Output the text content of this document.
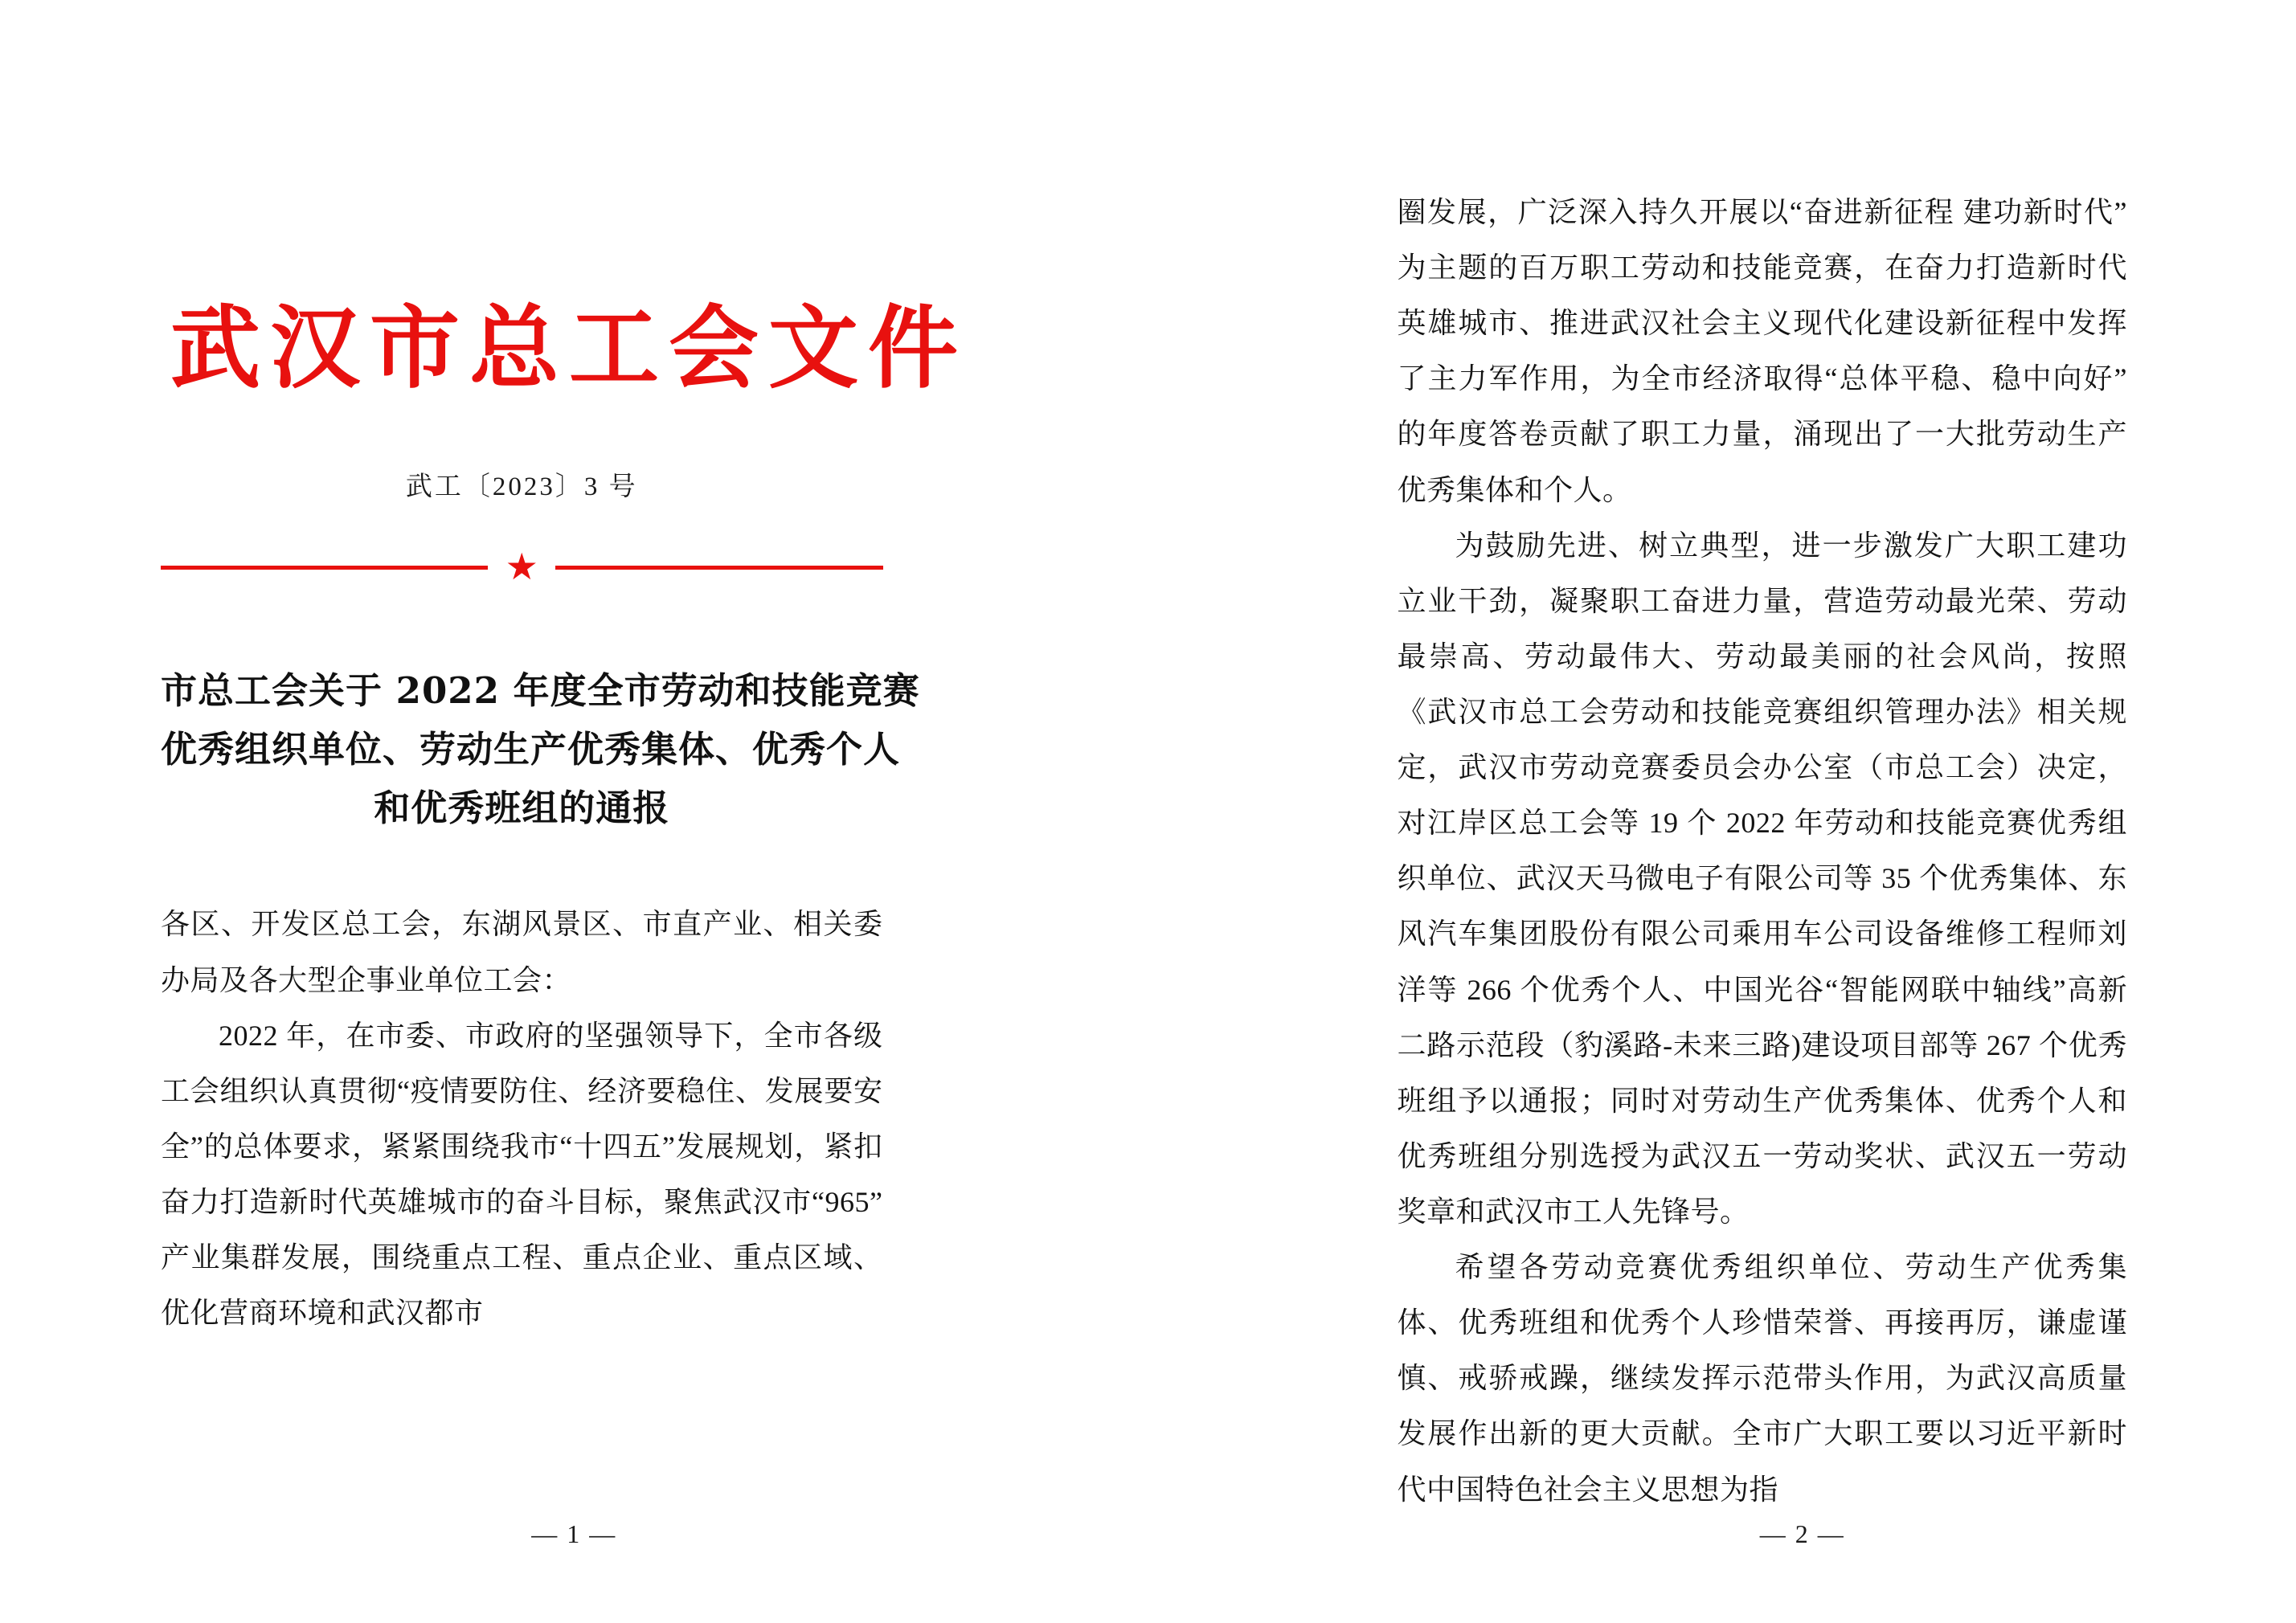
武汉市总工会文件
武工〔2023〕3 号
★
市总工会关于 2022 年度全市劳动和技能竞赛
优秀组织单位、劳动生产优秀集体、优秀个人
和优秀班组的通报

各区、开发区总工会，东湖风景区、市直产业、相关委办局及各大型企事业单位工会：

2022 年，在市委、市政府的坚强领导下，全市各级工会组织认真贯彻“疫情要防住、经济要稳住、发展要安全”的总体要求，紧紧围绕我市“十四五”发展规划，紧扣奋力打造新时代英雄城市的奋斗目标，聚焦武汉市“965”产业集群发展，围绕重点工程、重点企业、重点区域、优化营商环境和武汉都市

— 1 —

圈发展，广泛深入持久开展以“奋进新征程 建功新时代”为主题的百万职工劳动和技能竞赛，在奋力打造新时代英雄城市、推进武汉社会主义现代化建设新征程中发挥了主力军作用，为全市经济取得“总体平稳、稳中向好”的年度答卷贡献了职工力量，涌现出了一大批劳动生产优秀集体和个人。

为鼓励先进、树立典型，进一步激发广大职工建功立业干劲，凝聚职工奋进力量，营造劳动最光荣、劳动最崇高、劳动最伟大、劳动最美丽的社会风尚，按照《武汉市总工会劳动和技能竞赛组织管理办法》相关规定，武汉市劳动竞赛委员会办公室（市总工会）决定，对江岸区总工会等 19 个 2022 年劳动和技能竞赛优秀组织单位、武汉天马微电子有限公司等 35 个优秀集体、东风汽车集团股份有限公司乘用车公司设备维修工程师刘洋等 266 个优秀个人、中国光谷“智能网联中轴线”高新二路示范段（豹溪路-未来三路)建设项目部等 267 个优秀班组予以通报；同时对劳动生产优秀集体、优秀个人和优秀班组分别选授为武汉五一劳动奖状、武汉五一劳动奖章和武汉市工人先锋号。

希望各劳动竞赛优秀组织单位、劳动生产优秀集体、优秀班组和优秀个人珍惜荣誉、再接再厉，谦虚谨慎、戒骄戒躁，继续发挥示范带头作用，为武汉高质量发展作出新的更大贡献。全市广大职工要以习近平新时代中国特色社会主义思想为指

— 2 —
